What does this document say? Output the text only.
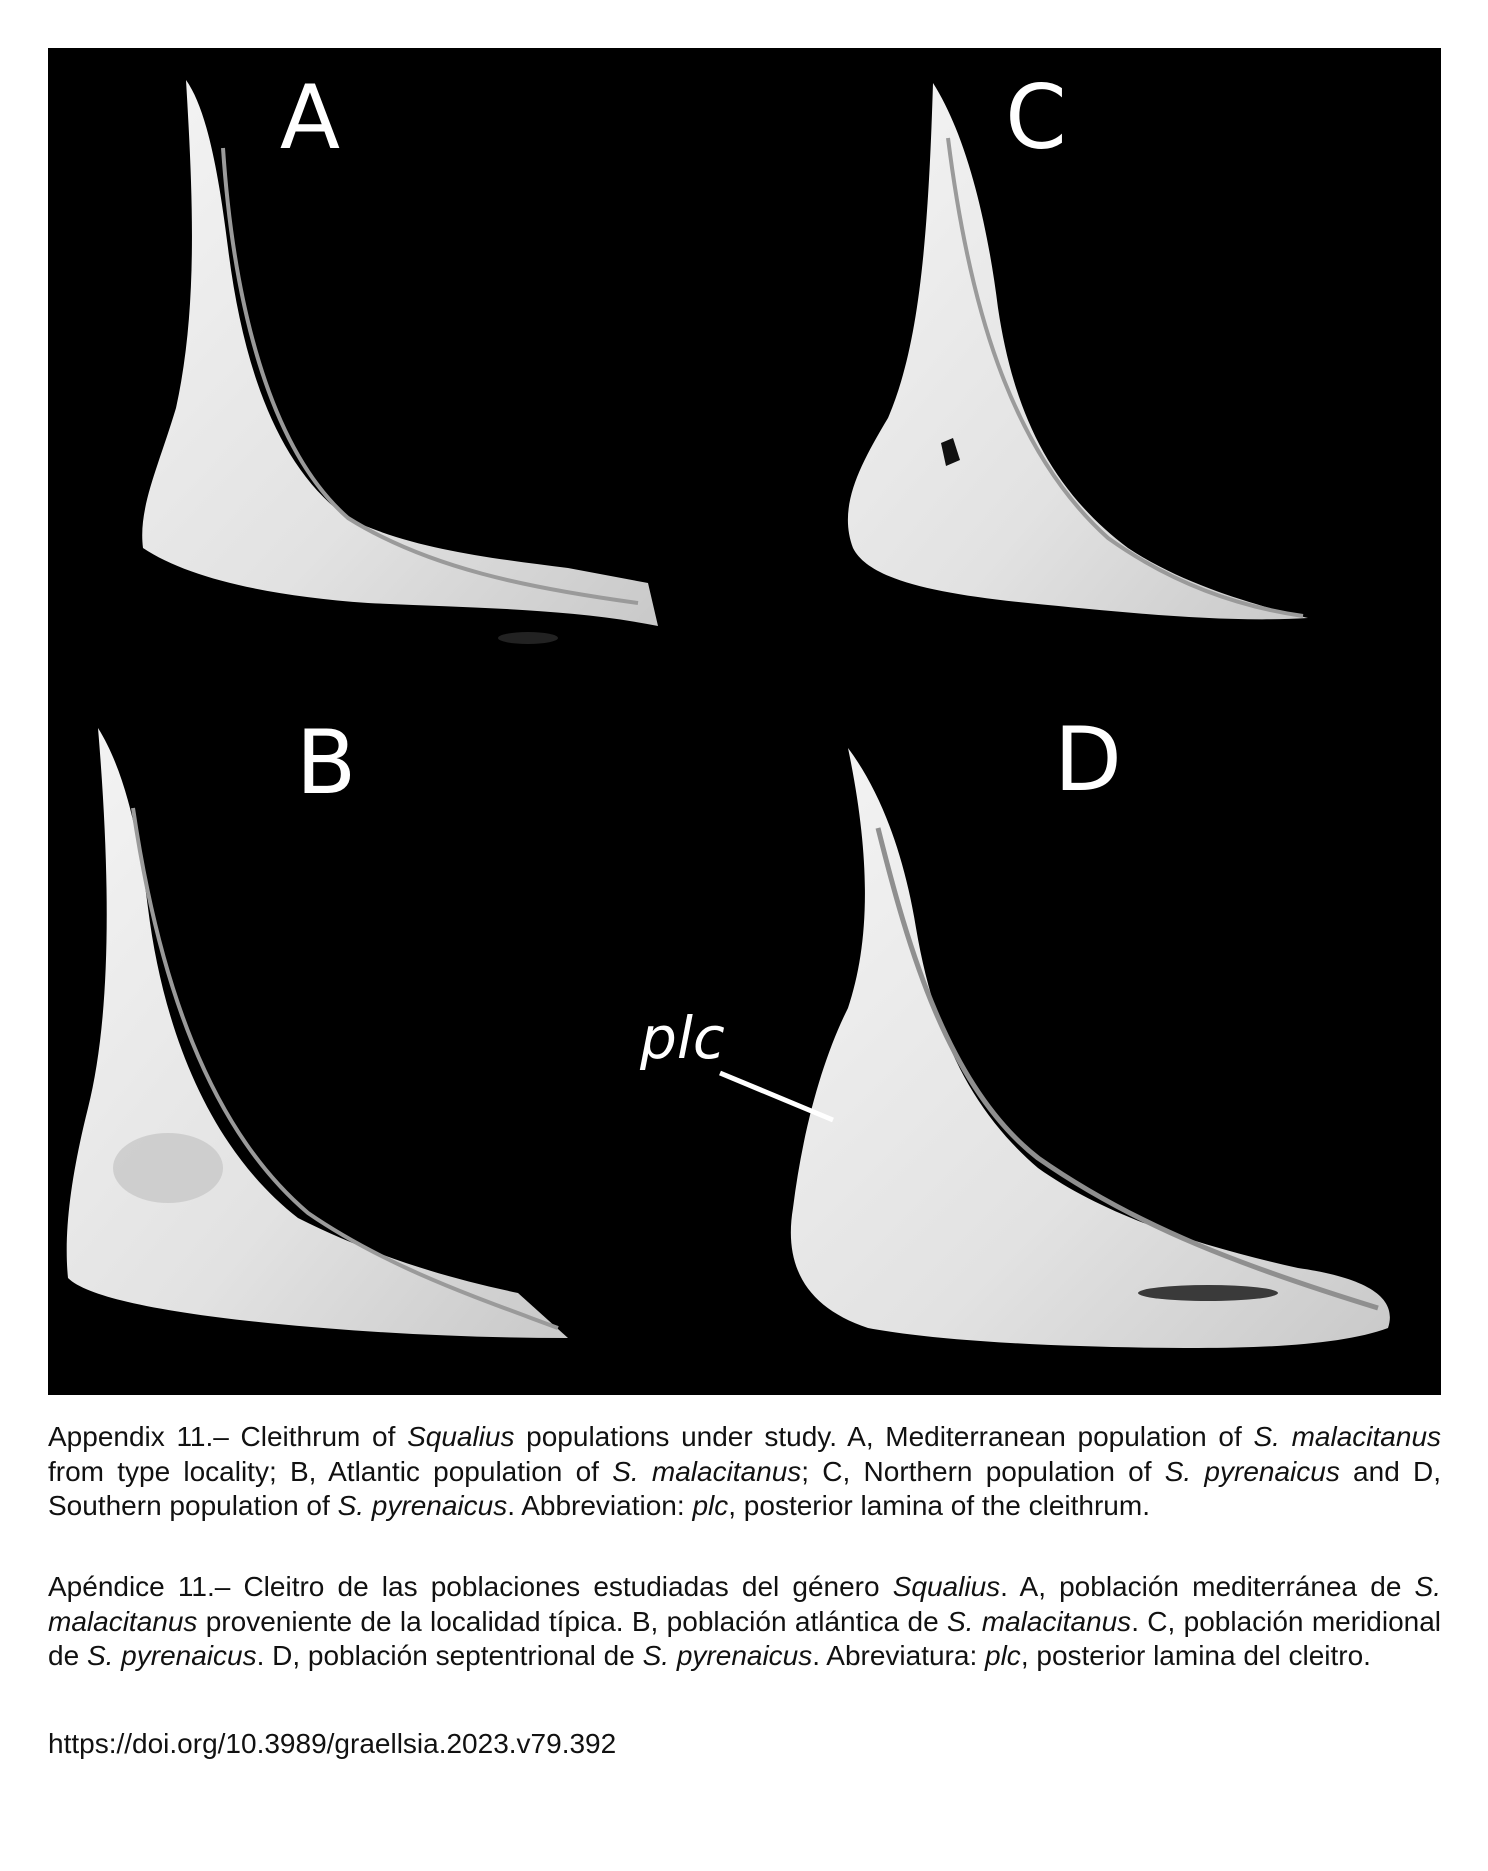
A	C
B	D
plc

Appendix 11.– Cleithrum of Squalius populations under study. A, Mediterranean population of S. malacitanus from type locality; B, Atlantic population of S. malacitanus; C, Northern population of S. pyrenaicus and D, Southern population of S. pyrenaicus. Abbreviation: plc, posterior lamina of the cleithrum.

Apéndice 11.– Cleitro de las poblaciones estudiadas del género Squalius. A, población mediterránea de S. malacitanus proveniente de la localidad típica. B, población atlántica de S. malacitanus. C, población meridional de S. pyrenaicus. D, población septentrional de S. pyrenaicus. Abreviatura: plc, posterior lamina del cleitro.

https://doi.org/10.3989/graellsia.2023.v79.392
